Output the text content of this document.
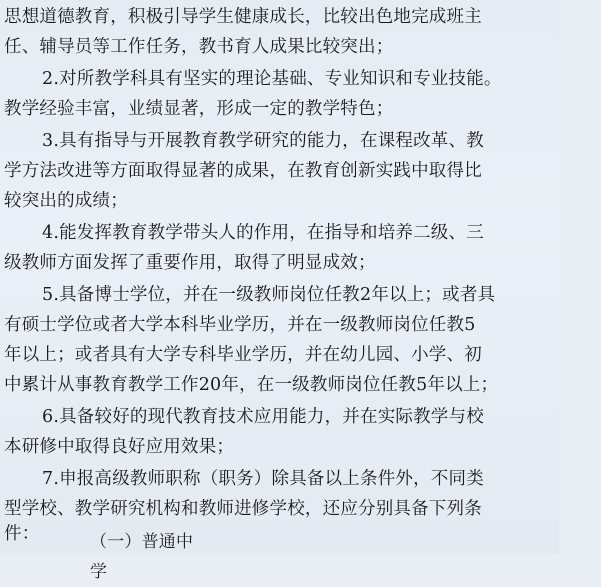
思想道德教育，积极引导学生健康成长，比较出色地完成班主
任、辅导员等工作任务，教书育人成果比较突出；
2.对所教学科具有坚实的理论基础、专业知识和专业技能。
教学经验丰富，业绩显著，形成一定的教学特色；
3.具有指导与开展教育教学研究的能力，在课程改革、教
学方法改进等方面取得显著的成果，在教育创新实践中取得比
较突出的成绩；
4.能发挥教育教学带头人的作用，在指导和培养二级、三
级教师方面发挥了重要作用，取得了明显成效；
5.具备博士学位，并在一级教师岗位任教2年以上；或者具
有硕士学位或者大学本科毕业学历，并在一级教师岗位任教5
年以上；或者具有大学专科毕业学历，并在幼儿园、小学、初
中累计从事教育教学工作20年，在一级教师岗位任教5年以上；
6.具备较好的现代教育技术应用能力，并在实际教学与校
本研修中取得良好应用效果；
7.申报高级教师职称（职务）除具备以上条件外，不同类
型学校、教学研究机构和教师进修学校，还应分别具备下列条
件：	（一）普通中学
